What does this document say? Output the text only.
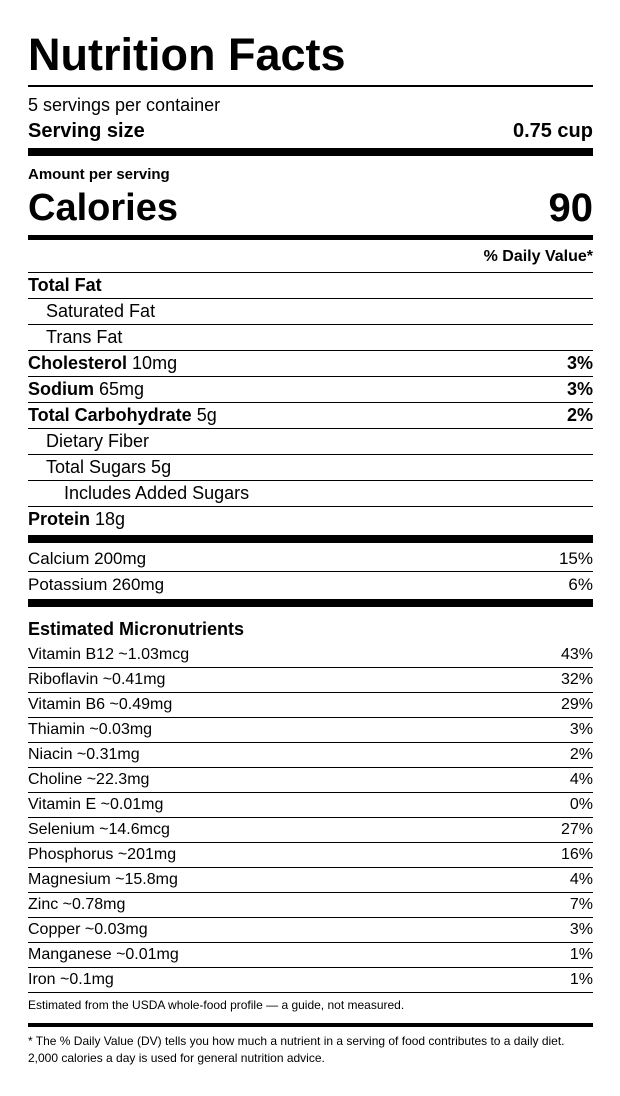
Nutrition Facts
5 servings per container
Serving size	0.75 cup
Amount per serving
Calories	90
% Daily Value*
Total Fat
Saturated Fat
Trans Fat
Cholesterol 10mg	3%
Sodium 65mg	3%
Total Carbohydrate 5g	2%
Dietary Fiber
Total Sugars 5g
Includes Added Sugars
Protein 18g
Calcium 200mg	15%
Potassium 260mg	6%
Estimated Micronutrients
Vitamin B12 ~1.03mcg	43%
Riboflavin ~0.41mg	32%
Vitamin B6 ~0.49mg	29%
Thiamin ~0.03mg	3%
Niacin ~0.31mg	2%
Choline ~22.3mg	4%
Vitamin E ~0.01mg	0%
Selenium ~14.6mcg	27%
Phosphorus ~201mg	16%
Magnesium ~15.8mg	4%
Zinc ~0.78mg	7%
Copper ~0.03mg	3%
Manganese ~0.01mg	1%
Iron ~0.1mg	1%
Estimated from the USDA whole-food profile — a guide, not measured.
* The % Daily Value (DV) tells you how much a nutrient in a serving of food contributes to a daily diet. 2,000 calories a day is used for general nutrition advice.
